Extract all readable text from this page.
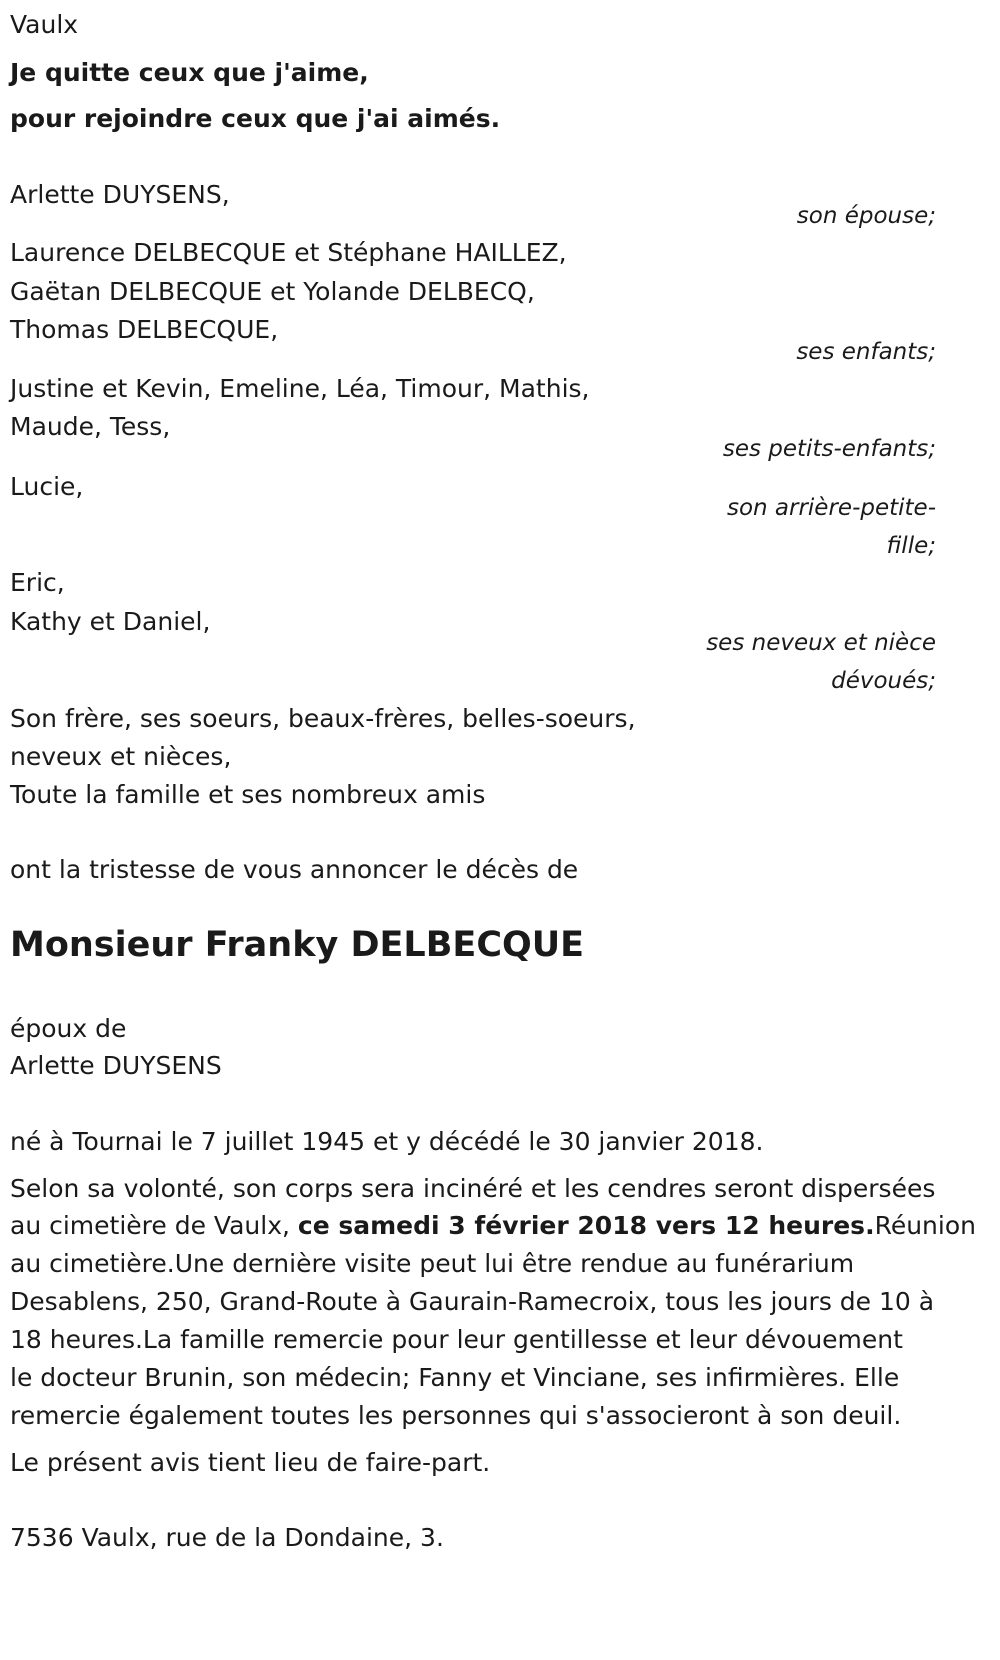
Vaulx
Je quitte ceux que j'aime,
pour rejoindre ceux que j'ai aimés.
Arlette DUYSENS,
son épouse;
Laurence DELBECQUE et Stéphane HAILLEZ,
Gaëtan DELBECQUE et Yolande DELBECQ,
Thomas DELBECQUE,
ses enfants;
Justine et Kevin, Emeline, Léa, Timour, Mathis,
Maude, Tess,
ses petits-enfants;
Lucie,
son arrière-petite-
fille;
Eric,
Kathy et Daniel,
ses neveux et nièce
dévoués;
Son frère, ses soeurs, beaux-frères, belles-soeurs,
neveux et nièces,
Toute la famille et ses nombreux amis
ont la tristesse de vous annoncer le décès de
Monsieur Franky DELBECQUE
époux de
Arlette DUYSENS
né à Tournai le 7 juillet 1945 et y décédé le 30 janvier 2018.
Selon sa volonté, son corps sera incinéré et les cendres seront dispersées
au cimetière de Vaulx, ce samedi 3 février 2018 vers 12 heures.Réunion
au cimetière.Une dernière visite peut lui être rendue au funérarium
Desablens, 250, Grand-Route à Gaurain-Ramecroix, tous les jours de 10 à
18 heures.La famille remercie pour leur gentillesse et leur dévouement
le docteur Brunin, son médecin; Fanny et Vinciane, ses infirmières. Elle
remercie également toutes les personnes qui s'associeront à son deuil.
Le présent avis tient lieu de faire-part.
7536 Vaulx, rue de la Dondaine, 3.
